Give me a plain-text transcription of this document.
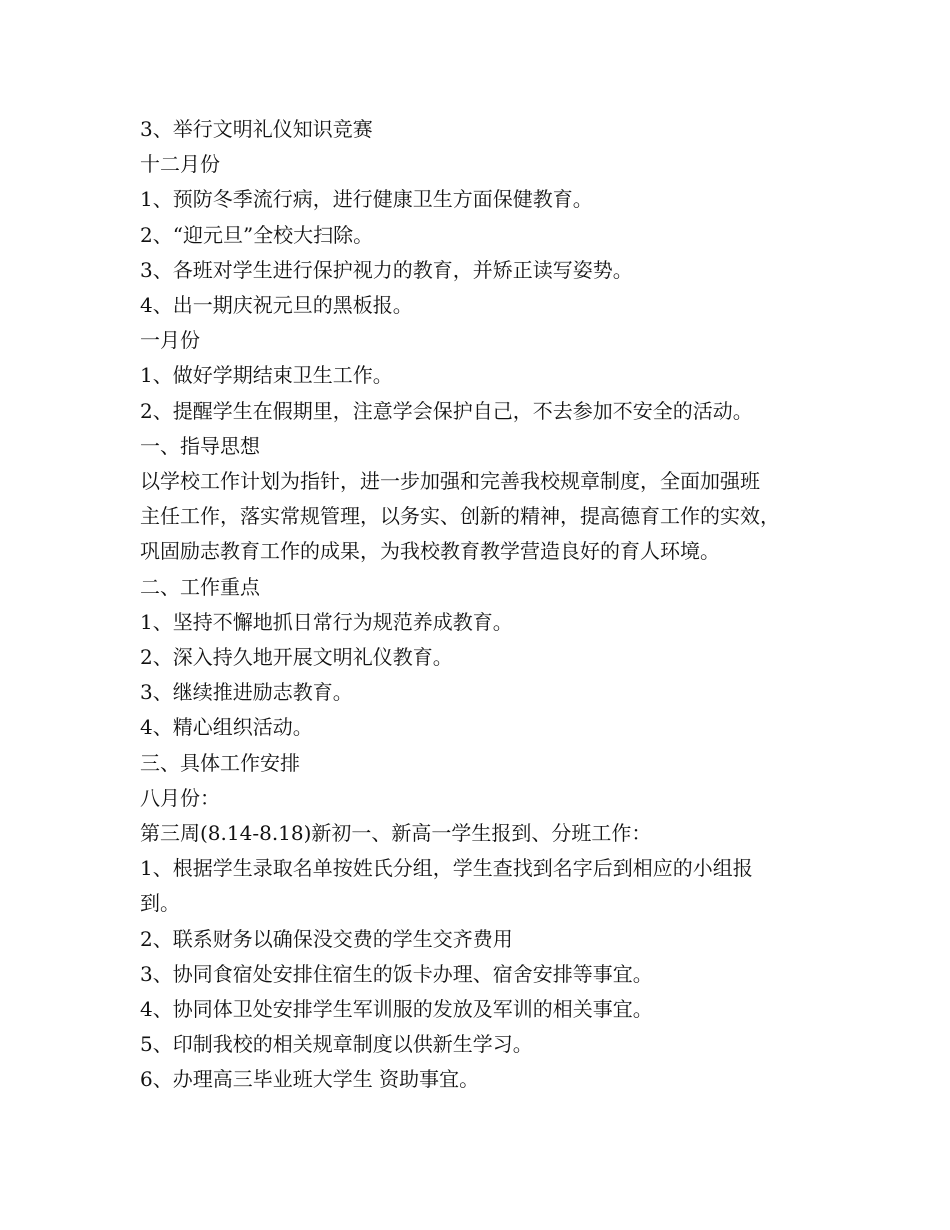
3、举行文明礼仪知识竞赛

十二月份

1、预防冬季流行病，进行健康卫生方面保健教育。

2、“迎元旦”全校大扫除。

3、各班对学生进行保护视力的教育，并矫正读写姿势。

4、出一期庆祝元旦的黑板报。

一月份

1、做好学期结束卫生工作。

2、提醒学生在假期里，注意学会保护自己，不去参加不安全的活动。

一、指导思想

以学校工作计划为指针，进一步加强和完善我校规章制度，全面加强班

主任工作，落实常规管理，以务实、创新的精神，提高德育工作的实效，

巩固励志教育工作的成果，为我校教育教学营造良好的育人环境。

二、工作重点

1、坚持不懈地抓日常行为规范养成教育。

2、深入持久地开展文明礼仪教育。

3、继续推进励志教育。

4、精心组织活动。

三、具体工作安排

八月份：

第三周(8.14-8.18)新初一、新高一学生报到、分班工作：

1、根据学生录取名单按姓氏分组，学生查找到名字后到相应的小组报

到。

2、联系财务以确保没交费的学生交齐费用

3、协同食宿处安排住宿生的饭卡办理、宿舍安排等事宜。

4、协同体卫处安排学生军训服的发放及军训的相关事宜。

5、印制我校的相关规章制度以供新生学习。

6、办理高三毕业班大学生 资助事宜。
